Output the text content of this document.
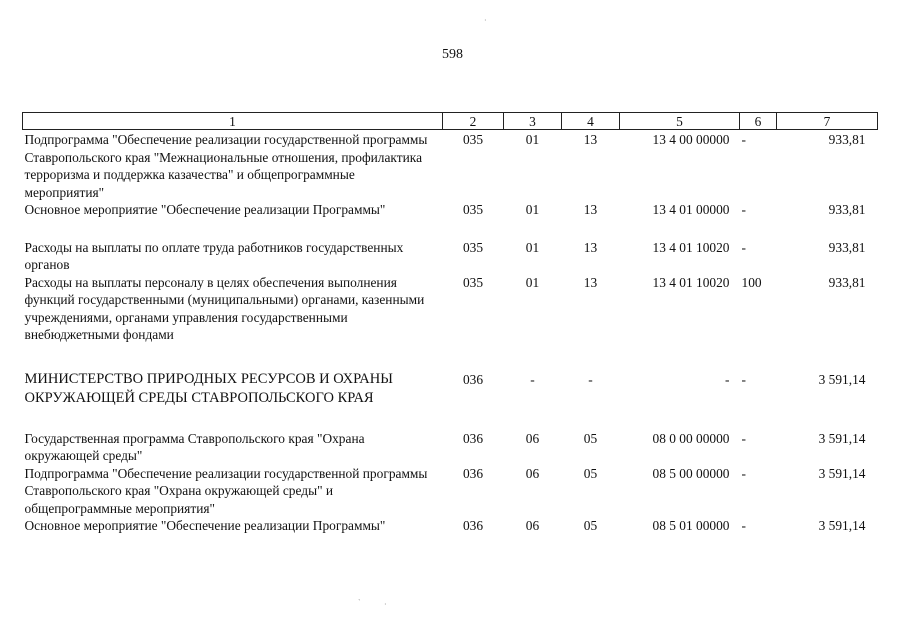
598
1	2	3	4	5	6	7
Подпрограмма "Обеспечение реализации государственной программы Ставропольского края "Межнациональные отношения, профилактика терроризма и поддержка казачества" и общепрограммные мероприятия"	035	01	13	13 4 00 00000	-	933,81
Основное мероприятие "Обеспечение реализации Программы"	035	01	13	13 4 01 00000	-	933,81
Расходы на выплаты по оплате труда работников государственных органов	035	01	13	13 4 01 10020	-	933,81
Расходы на выплаты персоналу в целях обеспечения выполнения функций государственными (муниципальными) органами, казенными учреждениями, органами управления государственными внебюджетными фондами	035	01	13	13 4 01 10020	100	933,81
МИНИСТЕРСТВО ПРИРОДНЫХ РЕСУРСОВ И ОХРАНЫ ОКРУЖАЮЩЕЙ СРЕДЫ СТАВРОПОЛЬСКОГО КРАЯ	036	-	-	-	-	3 591,14
Государственная программа Ставропольского края "Охрана окружающей среды"	036	06	05	08 0 00 00000	-	3 591,14
Подпрограмма "Обеспечение реализации государственной программы Ставропольского края "Охрана окружающей среды" и общепрограммные мероприятия"	036	06	05	08 5 00 00000	-	3 591,14
Основное мероприятие "Обеспечение реализации Программы"	036	06	05	08 5 01 00000	-	3 591,14
·
ˋ	·
